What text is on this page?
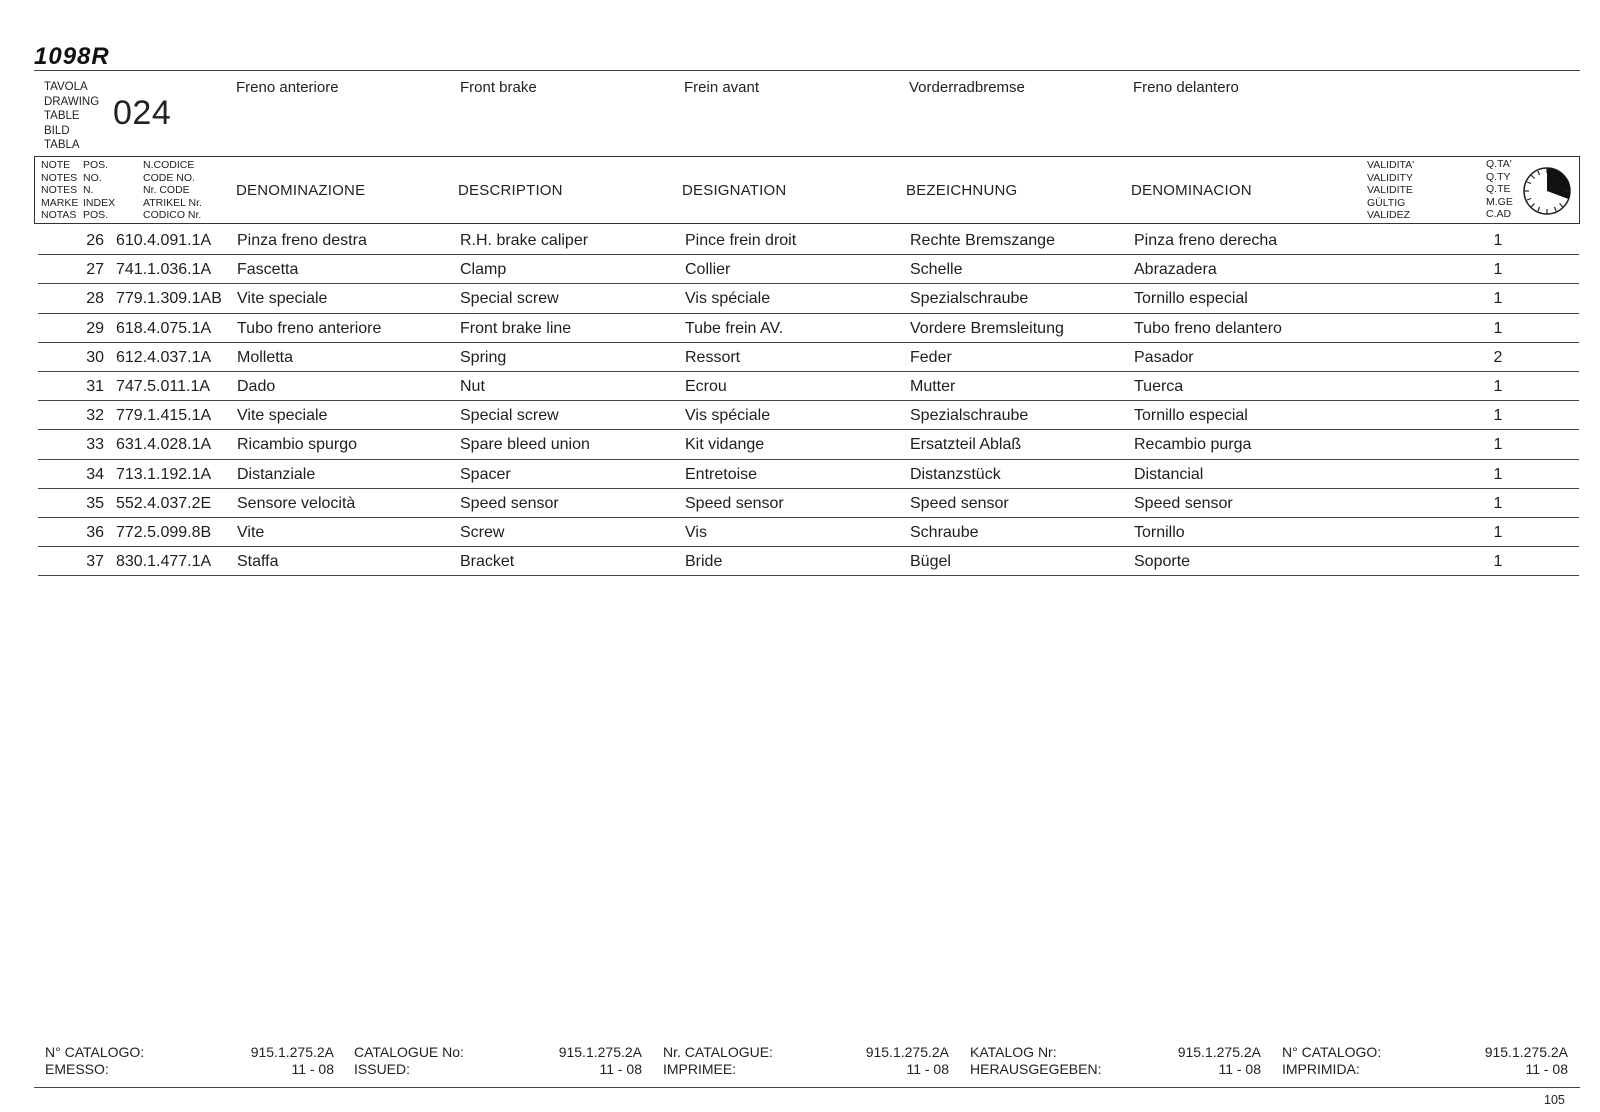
1098R
TAVOLA
DRAWING
TABLE
BILD
TABLA
024
Freno anteriore	Front brake	Frein avant	Vorderradbremse	Freno delantero
NOTE
NOTES
NOTES
MARKE
NOTAS
POS.
NO.
N.
INDEX
POS.
N.CODICE
CODE NO.
Nr. CODE
ATRIKEL Nr.
CODICO Nr.
DENOMINAZIONE	DESCRIPTION	DESIGNATION	BEZEICHNUNG	DENOMINACION
VALIDITA'
VALIDITY
VALIDITE
GÜLTIG
VALIDEZ
Q.TA'
Q.TY
Q.TE
M.GE
C.AD
26 610.4.091.1A	Pinza freno destra	R.H. brake caliper	Pince frein droit	Rechte Bremszange	Pinza freno derecha	1
27 741.1.036.1A	Fascetta	Clamp	Collier	Schelle	Abrazadera	1
28 779.1.309.1AB Vite speciale	Special screw	Vis spéciale	Spezialschraube	Tornillo especial	1
29 618.4.075.1A	Tubo freno anteriore	Front brake line	Tube frein AV.	Vordere Bremsleitung	Tubo freno delantero	1
30 612.4.037.1A	Molletta	Spring	Ressort	Feder	Pasador	2
31 747.5.011.1A	Dado	Nut	Ecrou	Mutter	Tuerca	1
32 779.1.415.1A	Vite speciale	Special screw	Vis spéciale	Spezialschraube	Tornillo especial	1
33 631.4.028.1A	Ricambio spurgo	Spare bleed union	Kit vidange	Ersatzteil Ablaß	Recambio purga	1
34 713.1.192.1A	Distanziale	Spacer	Entretoise	Distanzstück	Distancial	1
35 552.4.037.2E	Sensore velocità	Speed sensor	Speed sensor	Speed sensor	Speed sensor	1
36 772.5.099.8B	Vite	Screw	Vis	Schraube	Tornillo	1
37 830.1.477.1A	Staffa	Bracket	Bride	Bügel	Soporte	1
N° CATALOGO:
EMESSO:
915.1.275.2A
11 - 08
CATALOGUE No:
ISSUED:
915.1.275.2A
11 - 08
Nr. CATALOGUE:
IMPRIMEE:
915.1.275.2A
11 - 08
KATALOG Nr:
HERAUSGEGEBEN:
915.1.275.2A
11 - 08
N° CATALOGO:
IMPRIMIDA:
915.1.275.2A
11 - 08
105
